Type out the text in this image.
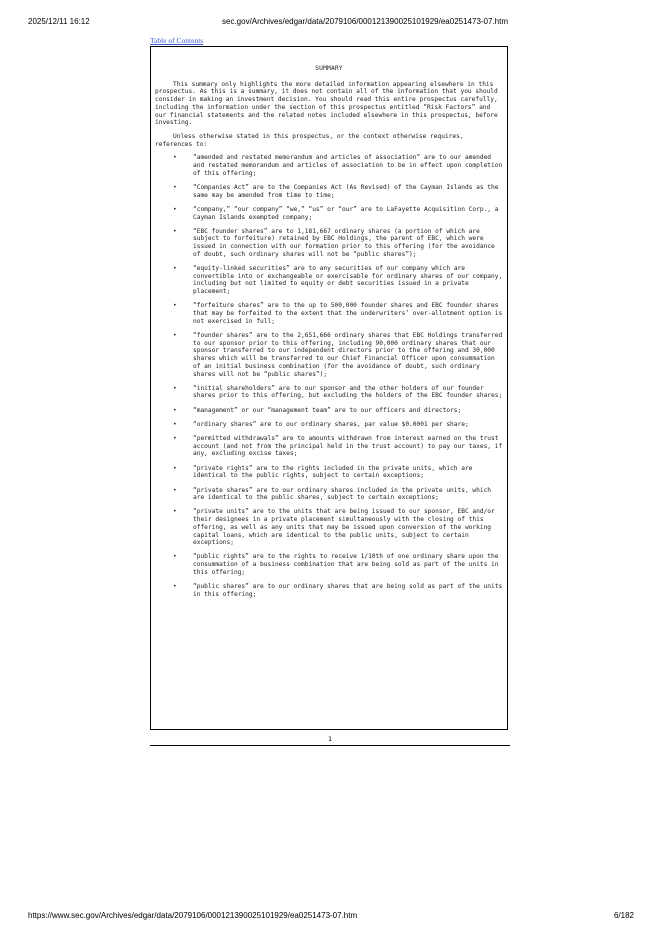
2025/12/11 16:12	sec.gov/Archives/edgar/data/2079106/000121390025101929/ea0251473-07.htm
Table of Contents
SUMMARY

This summary only highlights the more detailed information appearing elsewhere in this prospectus. As this is a summary, it does not contain all of the information that you should consider in making an investment decision. You should read this entire prospectus carefully, including the information under the section of this prospectus entitled “Risk Factors” and our financial statements and the related notes included elsewhere in this prospectus, before investing.

Unless otherwise stated in this prospectus, or the context otherwise requires, references to:

•	“amended and restated memorandum and articles of association” are to our amended and restated memorandum and articles of association to be in effect upon completion of this offering;
•	“Companies Act” are to the Companies Act (As Revised) of the Cayman Islands as the same may be amended from time to time;
•	“company,” “our company” “we,” “us” or “our” are to LaFayette Acquisition Corp., a Cayman Islands exempted company;
•	“EBC founder shares” are to 1,181,667 ordinary shares (a portion of which are subject to forfeiture) retained by EBC Holdings, the parent of EBC, which were issued in connection with our formation prior to this offering (for the avoidance of doubt, such ordinary shares will not be “public shares”);
•	“equity-linked securities” are to any securities of our company which are convertible into or exchangeable or exercisable for ordinary shares of our company, including but not limited to equity or debt securities issued in a private placement;
•	“forfeiture shares” are to the up to 500,000 founder shares and EBC founder shares that may be forfeited to the extent that the underwriters’ over-allotment option is not exercised in full;
•	“founder shares” are to the 2,651,666 ordinary shares that EBC Holdings transferred to our sponsor prior to this offering, including 90,000 ordinary shares that our sponsor transferred to our independent directors prior to the offering and 30,000 shares which will be transferred to our Chief Financial Officer upon consummation of an initial business combination (for the avoidance of doubt, such ordinary shares will not be “public shares”);
•	“initial shareholders” are to our sponsor and the other holders of our founder shares prior to this offering, but excluding the holders of the EBC founder shares;
•	“management” or our “management team” are to our officers and directors;
•	“ordinary shares” are to our ordinary shares, par value $0.0001 per share;
•	“permitted withdrawals” are to amounts withdrawn from interest earned on the trust account (and not from the principal held in the trust account) to pay our taxes, if any, excluding excise taxes;
•	“private rights” are to the rights included in the private units, which are identical to the public rights, subject to certain exceptions;
•	“private shares” are to our ordinary shares included in the private units, which are identical to the public shares, subject to certain exceptions;
•	“private units” are to the units that are being issued to our sponsor, EBC and/or their designees in a private placement simultaneously with the closing of this offering, as well as any units that may be issued upon conversion of the working capital loans, which are identical to the public units, subject to certain exceptions;
•	“public rights” are to the rights to receive 1/10th of one ordinary share upon the consummation of a business combination that are being sold as part of the units in this offering;
•	“public shares” are to our ordinary shares that are being sold as part of the units in this offering;
1
https://www.sec.gov/Archives/edgar/data/2079106/000121390025101929/ea0251473-07.htm	6/182
